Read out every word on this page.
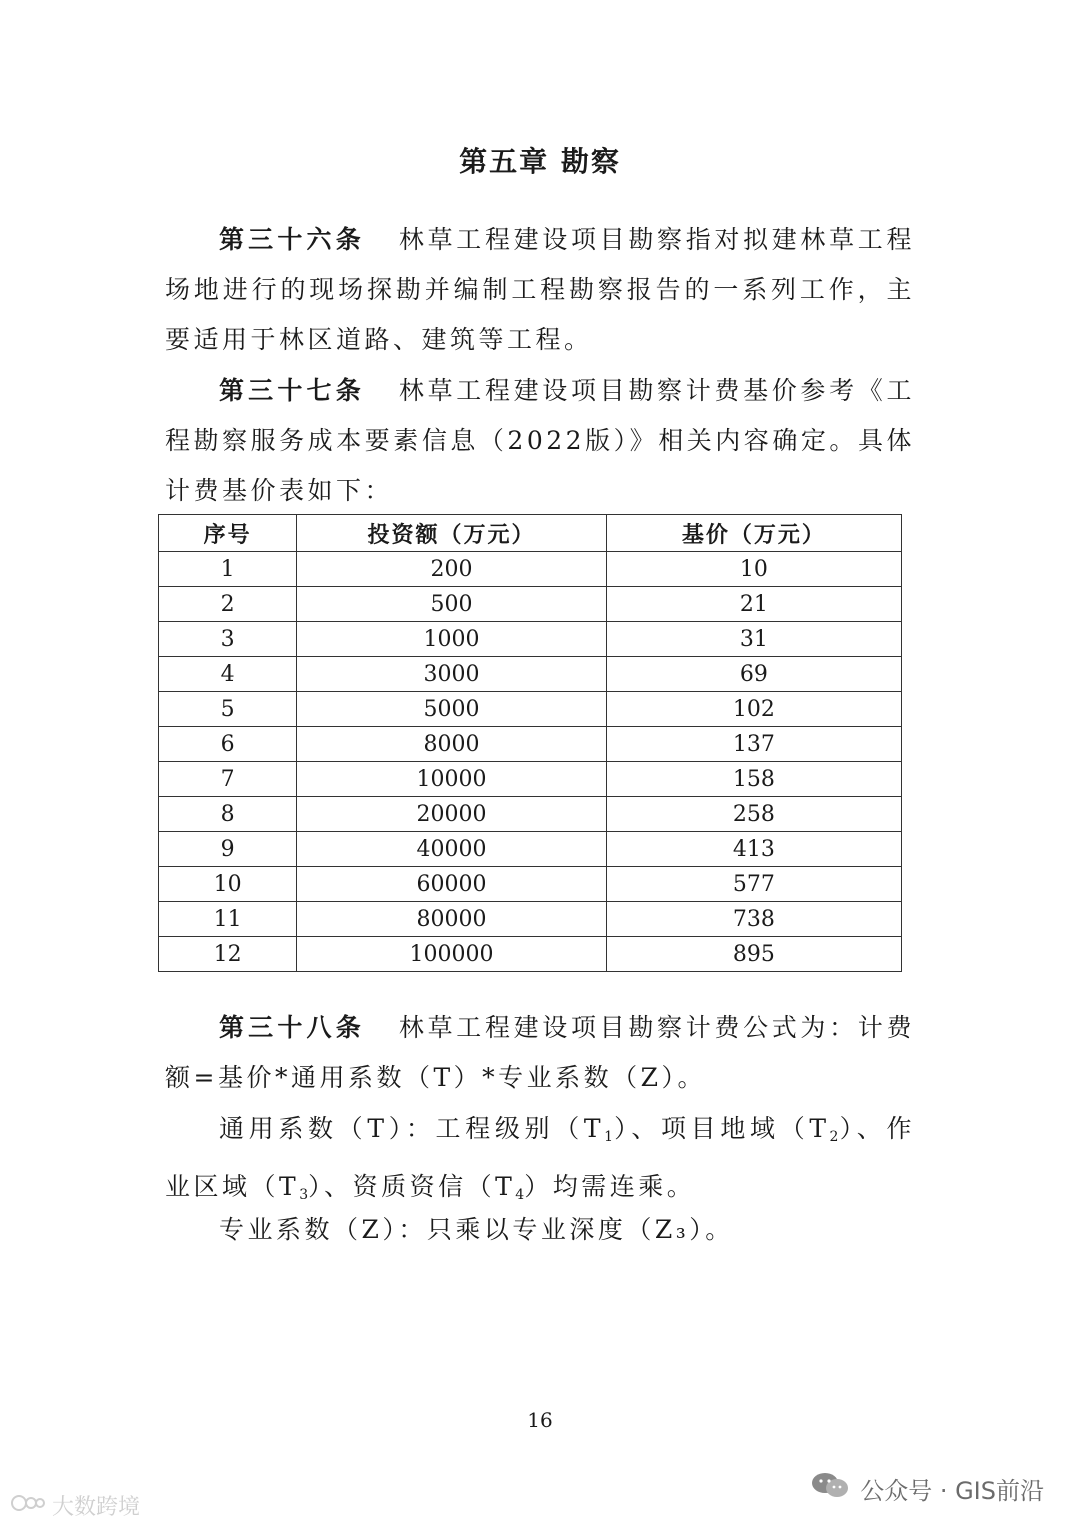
第五章 勘察
第三十六条 林草工程建设项目勘察指对拟建林草工程场地进行的现场探勘并编制工程勘察报告的一系列工作，主要适用于林区道路、建筑等工程。
第三十七条 林草工程建设项目勘察计费基价参考《工程勘察服务成本要素信息（2022版）》相关内容确定。具体计费基价表如下：
序号	投资额（万元）	基价（万元）
1	200	10
2	500	21
3	1000	31
4	3000	69
5	5000	102
6	8000	137
7	10000	158
8	20000	258
9	40000	413
10	60000	577
11	80000	738
12	100000	895
第三十八条 林草工程建设项目勘察计费公式为：计费额=基价*通用系数（T）*专业系数（Z）。
通用系数（T）：工程级别$(T_1)$、项目地域$(T_2)$、作业区域$(T_3)$、资质资信$(T_4)$均需连乘。
专业系数（Z）：只乘以专业深度（Z₃）。
16
大数跨境
公众号 · GIS前沿
